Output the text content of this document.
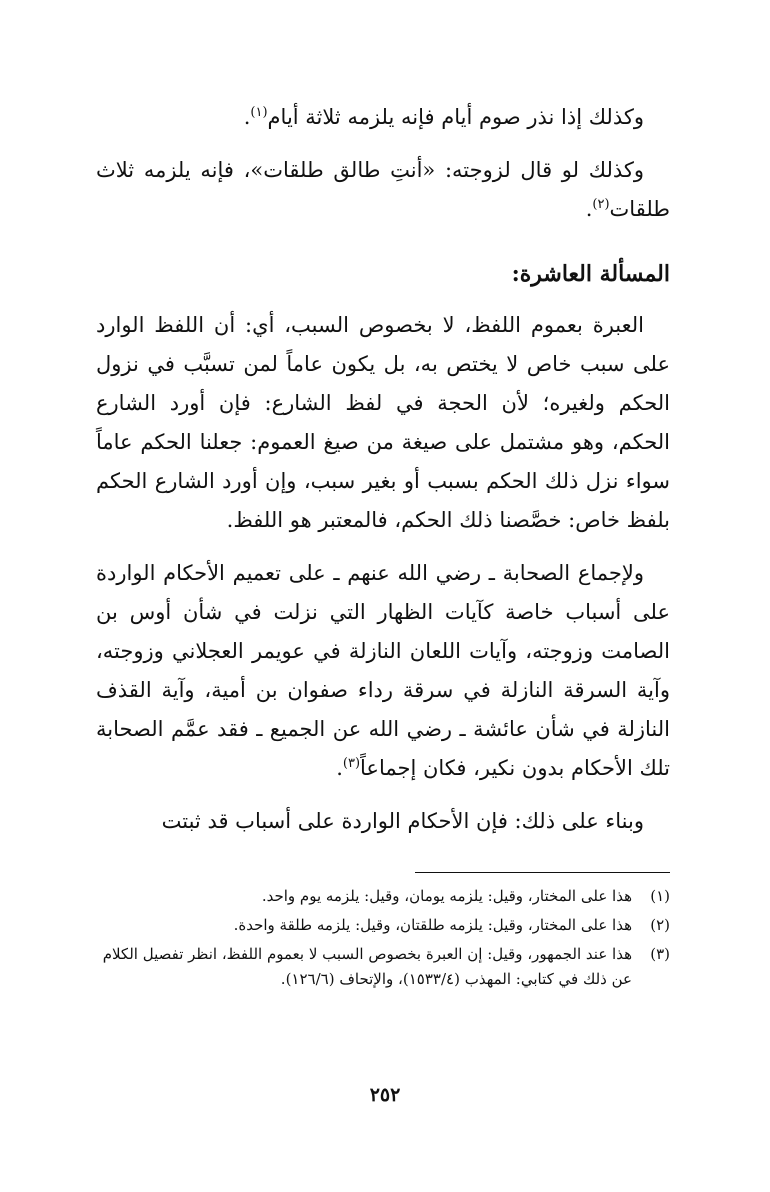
وكذلك إذا نذر صوم أيام فإنه يلزمه ثلاثة أيام$^{(١)}$.

وكذلك لو قال لزوجته: «أنتِ طالق طلقات»، فإنه يلزمه ثلاث طلقات$^{(٢)}$.

المسألة العاشرة:

العبرة بعموم اللفظ، لا بخصوص السبب، أي: أن اللفظ الوارد على سبب خاص لا يختص به، بل يكون عاماً لمن تسبَّب في نزول الحكم ولغيره؛ لأن الحجة في لفظ الشارع: فإن أورد الشارع الحكم، وهو مشتمل على صيغة من صيغ العموم: جعلنا الحكم عاماً سواء نزل ذلك الحكم بسبب أو بغير سبب، وإن أورد الشارع الحكم بلفظ خاص: خصَّصنا ذلك الحكم، فالمعتبر هو اللفظ.

ولإجماع الصحابة ـ رضي الله عنهم ـ على تعميم الأحكام الواردة على أسباب خاصة كآيات الظهار التي نزلت في شأن أوس بن الصامت وزوجته، وآيات اللعان النازلة في عويمر العجلاني وزوجته، وآية السرقة النازلة في سرقة رداء صفوان بن أمية، وآية القذف النازلة في شأن عائشة ـ رضي الله عن الجميع ـ فقد عمَّم الصحابة تلك الأحكام بدون نكير، فكان إجماعاً$^{(٣)}$.

وبناء على ذلك: فإن الأحكام الواردة على أسباب قد ثبتت

(١)
هذا على المختار، وقيل: يلزمه يومان، وقيل: يلزمه يوم واحد.
(٢)
هذا على المختار، وقيل: يلزمه طلقتان، وقيل: يلزمه طلقة واحدة.
(٣)
هذا عند الجمهور، وقيل: إن العبرة بخصوص السبب لا بعموم اللفظ، انظر تفصيل الكلام عن ذلك في كتابي: المهذب (١٥٣٣/٤)، والإتحاف (١٢٦/٦).
٢٥٢
